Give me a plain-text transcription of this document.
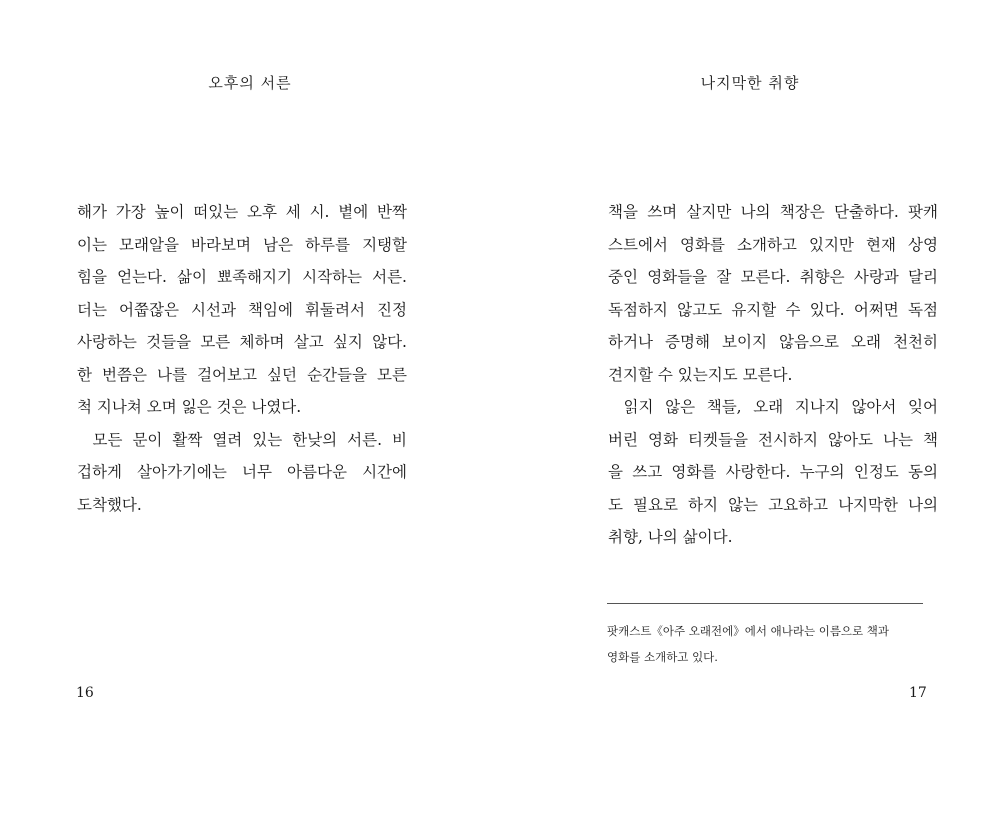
오후의 서른
해가 가장 높이 떠있는 오후 세 시. 볕에 반짝
이는 모래알을 바라보며 남은 하루를 지탱할
힘을 얻는다. 삶이 뾰족해지기 시작하는 서른.
더는 어쭙잖은 시선과 책임에 휘둘려서 진정
사랑하는 것들을 모른 체하며 살고 싶지 않다.
한 번쯤은 나를 걸어보고 싶던 순간들을 모른
척 지나쳐 오며 잃은 것은 나였다.
모든 문이 활짝 열려 있는 한낮의 서른. 비
겁하게 살아가기에는 너무 아름다운 시간에
도착했다.
16
나지막한 취향
책을 쓰며 살지만 나의 책장은 단출하다. 팟캐
스트에서 영화를 소개하고 있지만 현재 상영
중인 영화들을 잘 모른다. 취향은 사랑과 달리
독점하지 않고도 유지할 수 있다. 어쩌면 독점
하거나 증명해 보이지 않음으로 오래 천천히
견지할 수 있는지도 모른다.
읽지 않은 책들, 오래 지나지 않아서 잊어
버린 영화 티켓들을 전시하지 않아도 나는 책
을 쓰고 영화를 사랑한다. 누구의 인정도 동의
도 필요로 하지 않는 고요하고 나지막한 나의
취향, 나의 삶이다.
팟캐스트《아주 오래전에》에서 애나라는 이름으로 책과
영화를 소개하고 있다.
17
